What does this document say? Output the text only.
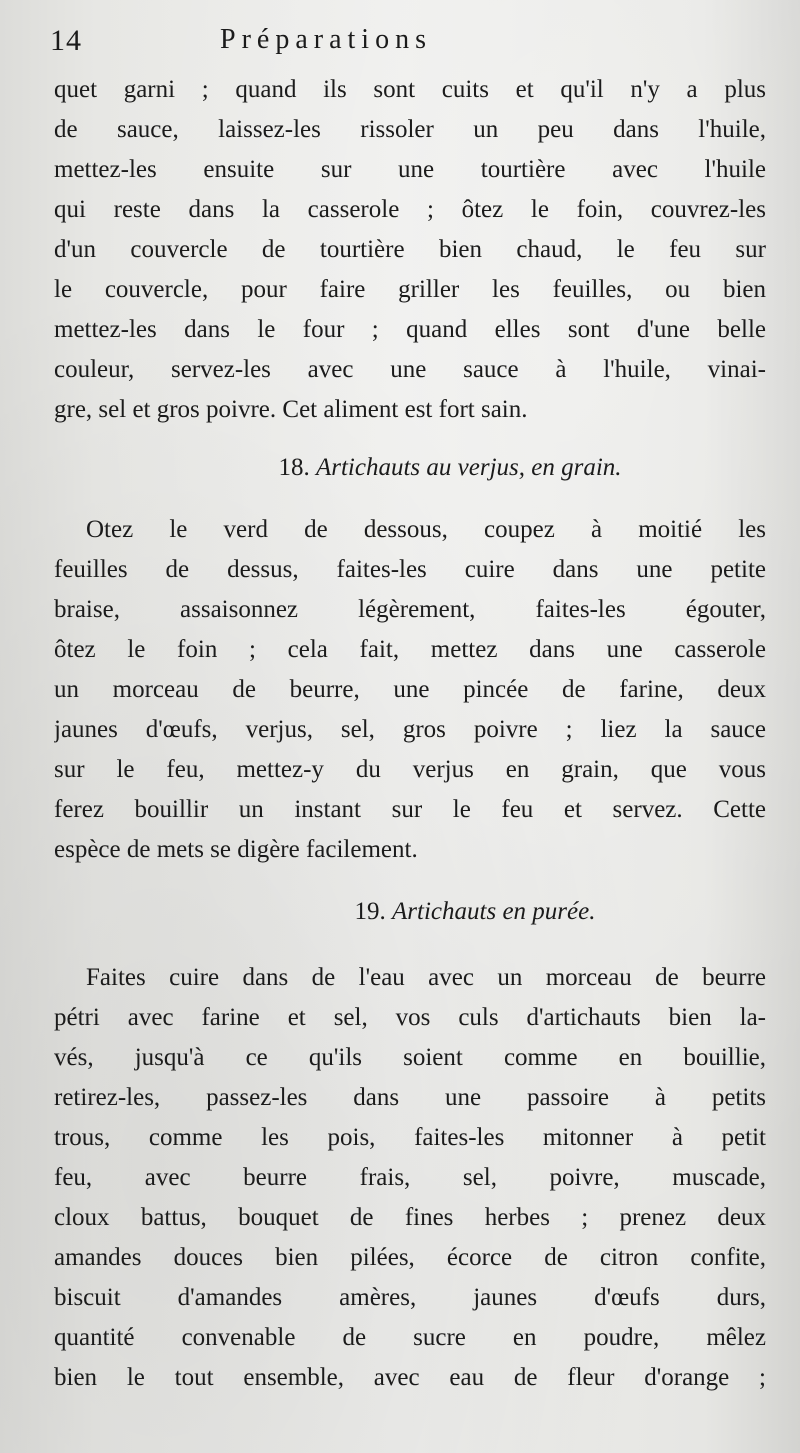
14	Préparations
quet garni ; quand ils sont cuits et qu'il n'y a plus
de sauce, laissez-les rissoler un peu dans l'huile,
mettez-les ensuite sur une tourtière avec l'huile
qui reste dans la casserole ; ôtez le foin, couvrez-les
d'un couvercle de tourtière bien chaud, le feu sur
le couvercle, pour faire griller les feuilles, ou bien
mettez-les dans le four ; quand elles sont d'une belle
couleur, servez-les avec une sauce à l'huile, vinai-
gre, sel et gros poivre. Cet aliment est fort sain.
18. Artichauts au verjus, en grain.
Otez le verd de dessous, coupez à moitié les
feuilles de dessus, faites-les cuire dans une petite
braise, assaisonnez légèrement, faites-les égouter,
ôtez le foin ; cela fait, mettez dans une casserole
un morceau de beurre, une pincée de farine, deux
jaunes d'œufs, verjus, sel, gros poivre ; liez la sauce
sur le feu, mettez-y du verjus en grain, que vous
ferez bouillir un instant sur le feu et servez. Cette
espèce de mets se digère facilement.
19. Artichauts en purée.
Faites cuire dans de l'eau avec un morceau de beurre
pétri avec farine et sel, vos culs d'artichauts bien la-
vés, jusqu'à ce qu'ils soient comme en bouillie,
retirez-les, passez-les dans une passoire à petits
trous, comme les pois, faites-les mitonner à petit
feu, avec beurre frais, sel, poivre, muscade,
cloux battus, bouquet de fines herbes ; prenez deux
amandes douces bien pilées, écorce de citron confite,
biscuit d'amandes amères, jaunes d'œufs durs,
quantité convenable de sucre en poudre, mêlez
bien le tout ensemble, avec eau de fleur d'orange ;
